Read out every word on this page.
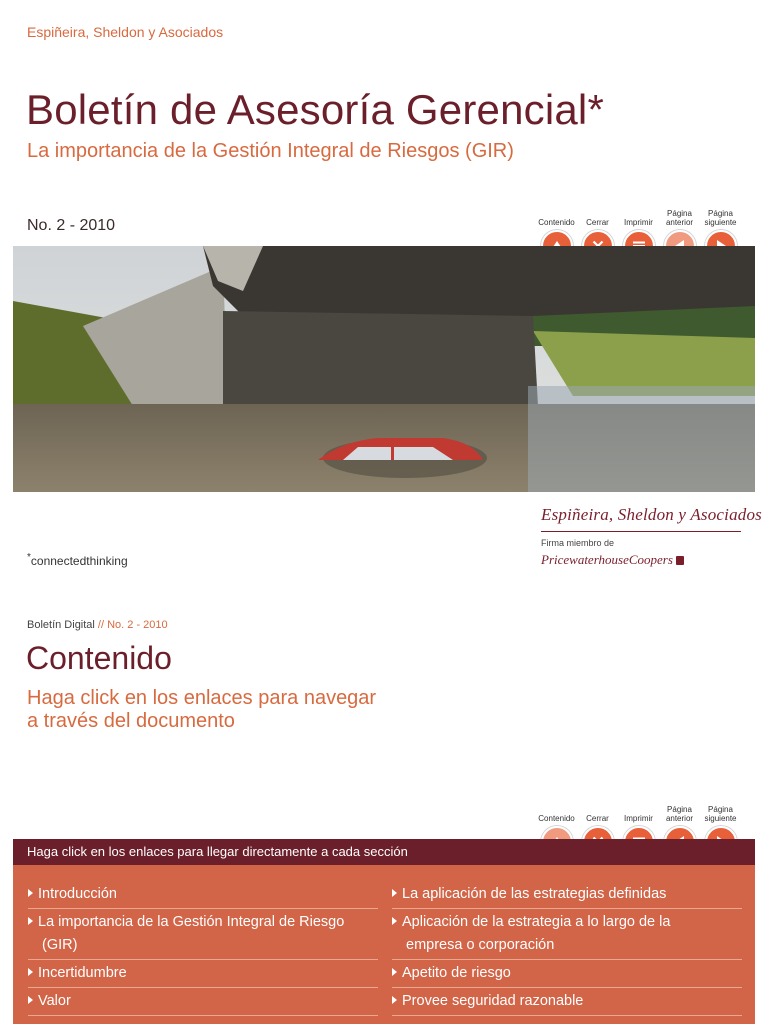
Espiñeira, Sheldon y Asociados
Boletín de Asesoría Gerencial*
La importancia de la Gestión Integral de Riesgos (GIR)
No. 2 - 2010	Contenido Cerrar Imprimir
Página
anterior
Página
siguiente
*connectedthinking
Espiñeira, Sheldon y Asociados
Firma miembro de
PricewaterhouseCoopers
Boletín Digital // No. 2 - 2010
Contenido
Haga click en los enlaces para navegar
a través del documento
Contenido Cerrar Imprimir
Página
anterior
Página
siguiente
Haga click en los enlaces para llegar directamente a cada sección
Introducción
La importancia de la Gestión Integral de Riesgo
(GIR)
Incertidumbre
Valor
La aplicación de las estrategias definidas
Aplicación de la estrategia a lo largo de la
empresa o corporación
Apetito de riesgo
Provee seguridad razonable
